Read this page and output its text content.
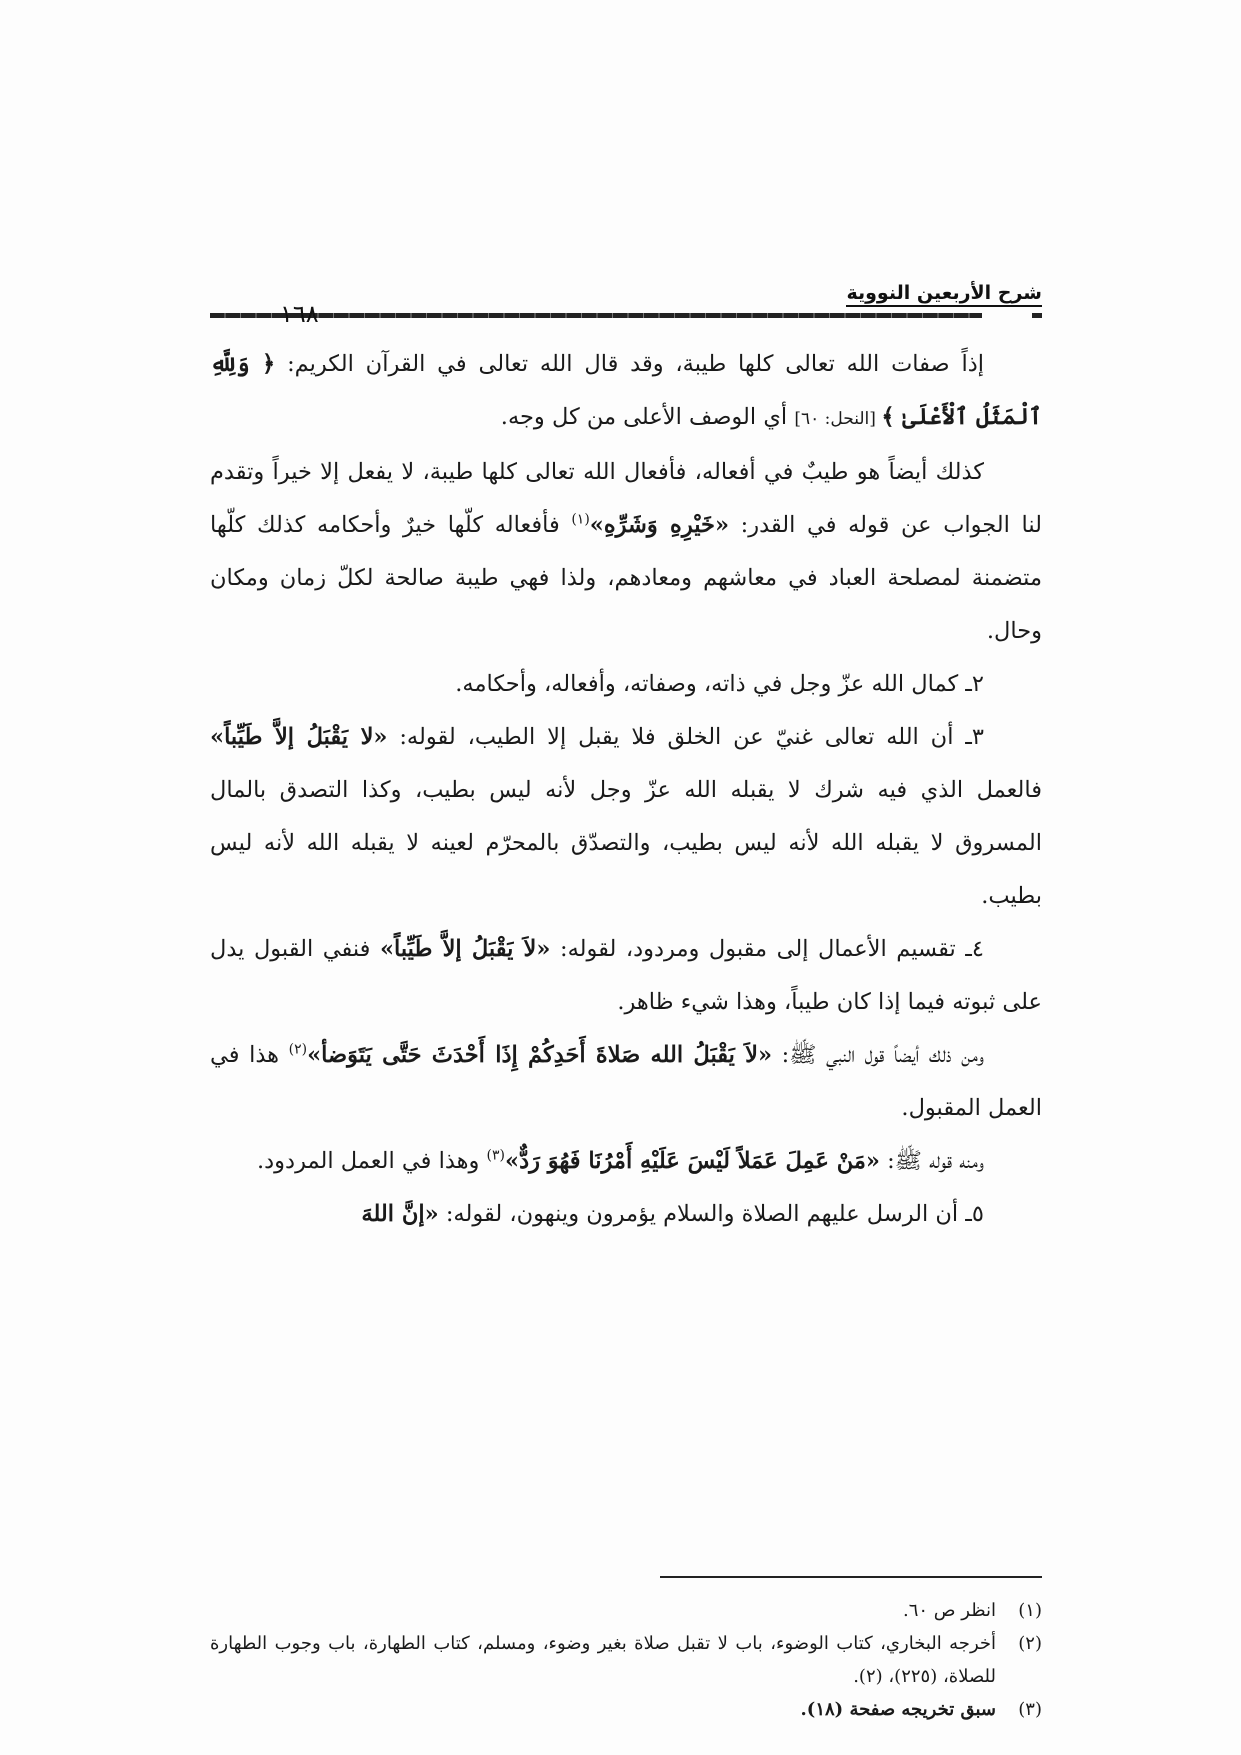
شرح الأربعين النووية
١٦٨

إذاً صفات الله تعالى كلها طيبة، وقد قال الله تعالى في القرآن الكريم: ﴿ وَلِلَّهِ ٱلْمَثَلُ ٱلْأَعْلَىٰ ﴾ [النحل: ٦٠] أي الوصف الأعلى من كل وجه.

كذلك أيضاً هو طيبٌ في أفعاله، فأفعال الله تعالى كلها طيبة، لا يفعل إلا خيراً وتقدم لنا الجواب عن قوله في القدر: «خَيْرِهِ وَشَرِّهِ»$^{(١)}$ فأفعاله كلّها خيرٌ وأحكامه كذلك كلّها متضمنة لمصلحة العباد في معاشهم ومعادهم، ولذا فهي طيبة صالحة لكلّ زمان ومكان وحال.

٢ـ كمال الله عزّ وجل في ذاته، وصفاته، وأفعاله، وأحكامه.

٣ـ أن الله تعالى غنيّ عن الخلق فلا يقبل إلا الطيب، لقوله: «لا يَقْبَلُ إلاَّ طَيِّباً» فالعمل الذي فيه شرك لا يقبله الله عزّ وجل لأنه ليس بطيب، وكذا التصدق بالمال المسروق لا يقبله الله لأنه ليس بطيب، والتصدّق بالمحرّم لعينه لا يقبله الله لأنه ليس بطيب.

٤ـ تقسيم الأعمال إلى مقبول ومردود، لقوله: «لاَ يَقْبَلُ إلاَّ طَيِّباً» فنفي القبول يدل على ثبوته فيما إذا كان طيباً، وهذا شيء ظاهر.

ومن ذلك أيضاً قول النبي ﷺ: «لاَ يَقْبَلُ الله صَلاةَ أَحَدِكُمْ إِذَا أَحْدَثَ حَتَّى يَتَوَضأ»$^{(٢)}$ هذا في العمل المقبول.

ومنه قوله ﷺ: «مَنْ عَمِلَ عَمَلاً لَيْسَ عَلَيْهِ أَمْرُنَا فَهُوَ رَدٌّ»$^{(٣)}$ وهذا في العمل المردود.

٥ـ أن الرسل عليهم الصلاة والسلام يؤمرون وينهون، لقوله: «إنَّ اللهَ

(١)
انظر ص ٦٠.
(٢)
أخرجه البخاري، كتاب الوضوء، باب لا تقبل صلاة بغير وضوء، ومسلم، كتاب الطهارة، باب وجوب الطهارة للصلاة، (٢٢٥)، (٢).
(٣)
سبق تخريجه صفحة (١٨).
